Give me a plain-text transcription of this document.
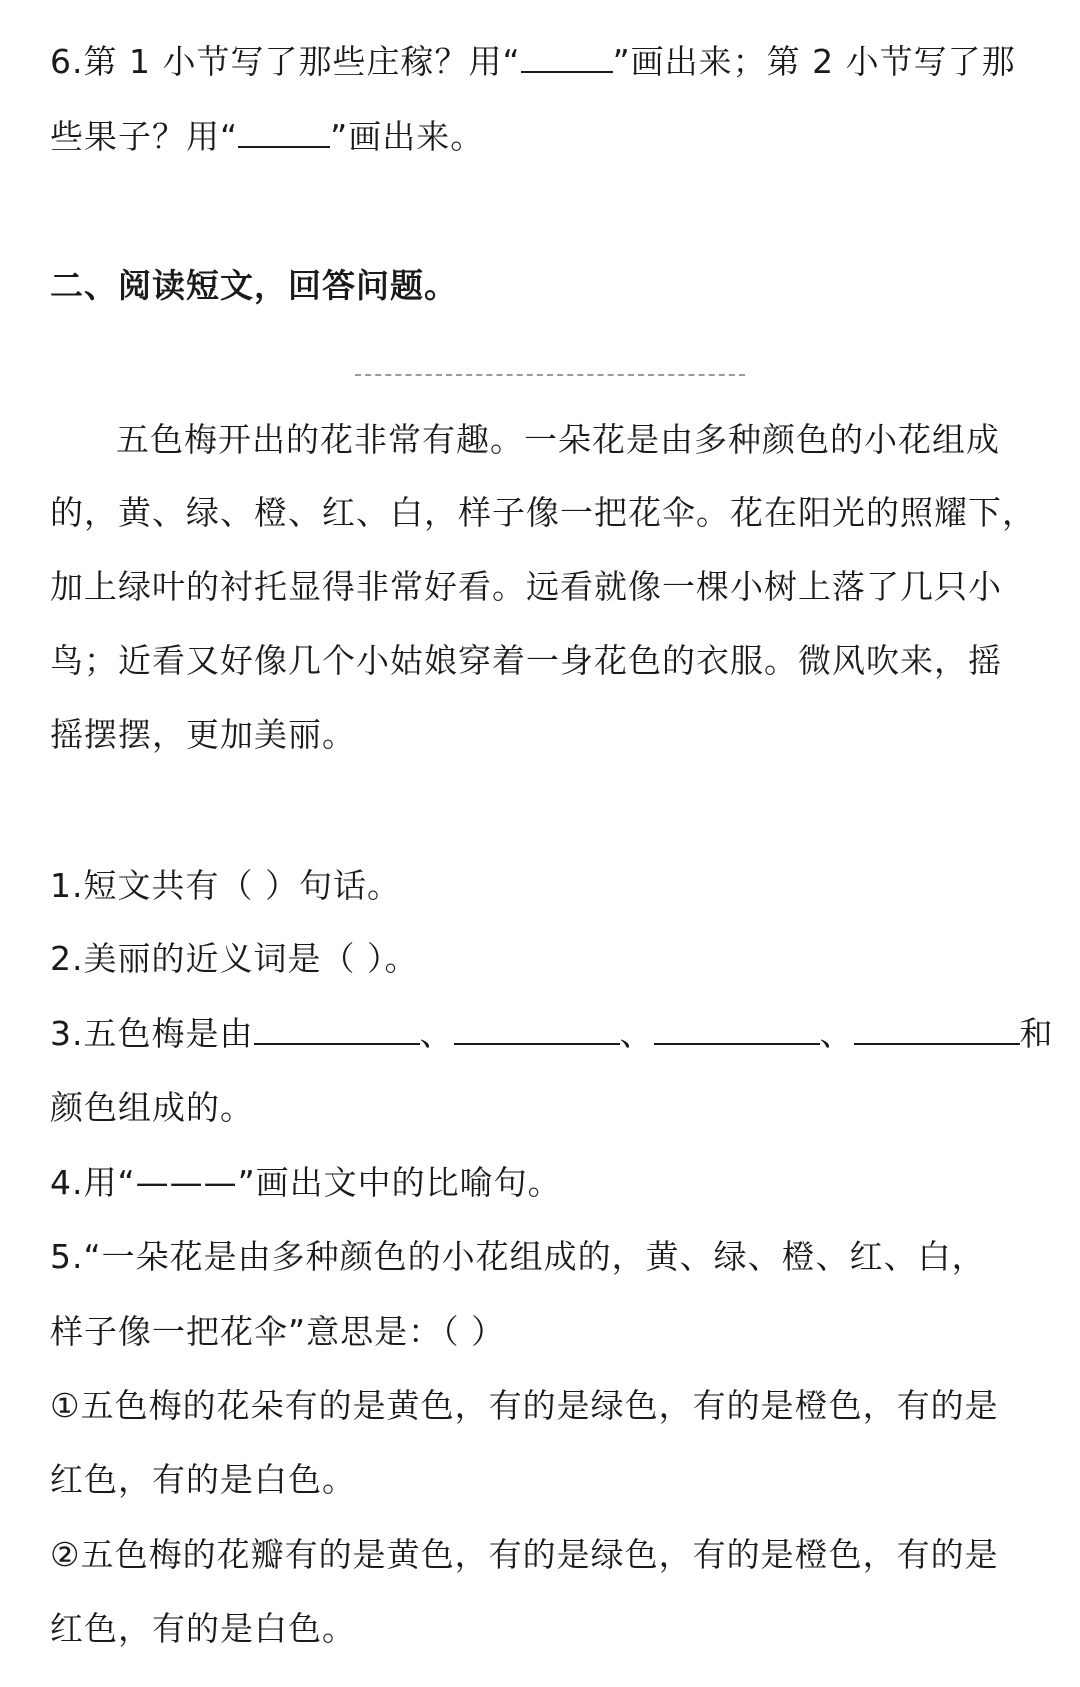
6.第 1 小节写了那些庄稼？用“	”画出来；第 2 小节写了那
些果子？用“	”画出来。
二、阅读短文，回答问题。
五色梅开出的花非常有趣。一朵花是由多种颜色的小花组成
的，黄、绿、橙、红、白，样子像一把花伞。花在阳光的照耀下，
加上绿叶的衬托显得非常好看。远看就像一棵小树上落了几只小
鸟；近看又好像几个小姑娘穿着一身花色的衣服。微风吹来，摇
摇摆摆，更加美丽。
1.短文共有（ ）句话。
2.美丽的近义词是（ ）。
3.五色梅是由	、	、	、	和
颜色组成的。
4.用“———”画出文中的比喻句。
5.“一朵花是由多种颜色的小花组成的，黄、绿、橙、红、白，
样子像一把花伞”意思是：（ ）
①五色梅的花朵有的是黄色，有的是绿色，有的是橙色，有的是
红色，有的是白色。
②五色梅的花瓣有的是黄色，有的是绿色，有的是橙色，有的是
红色，有的是白色。
